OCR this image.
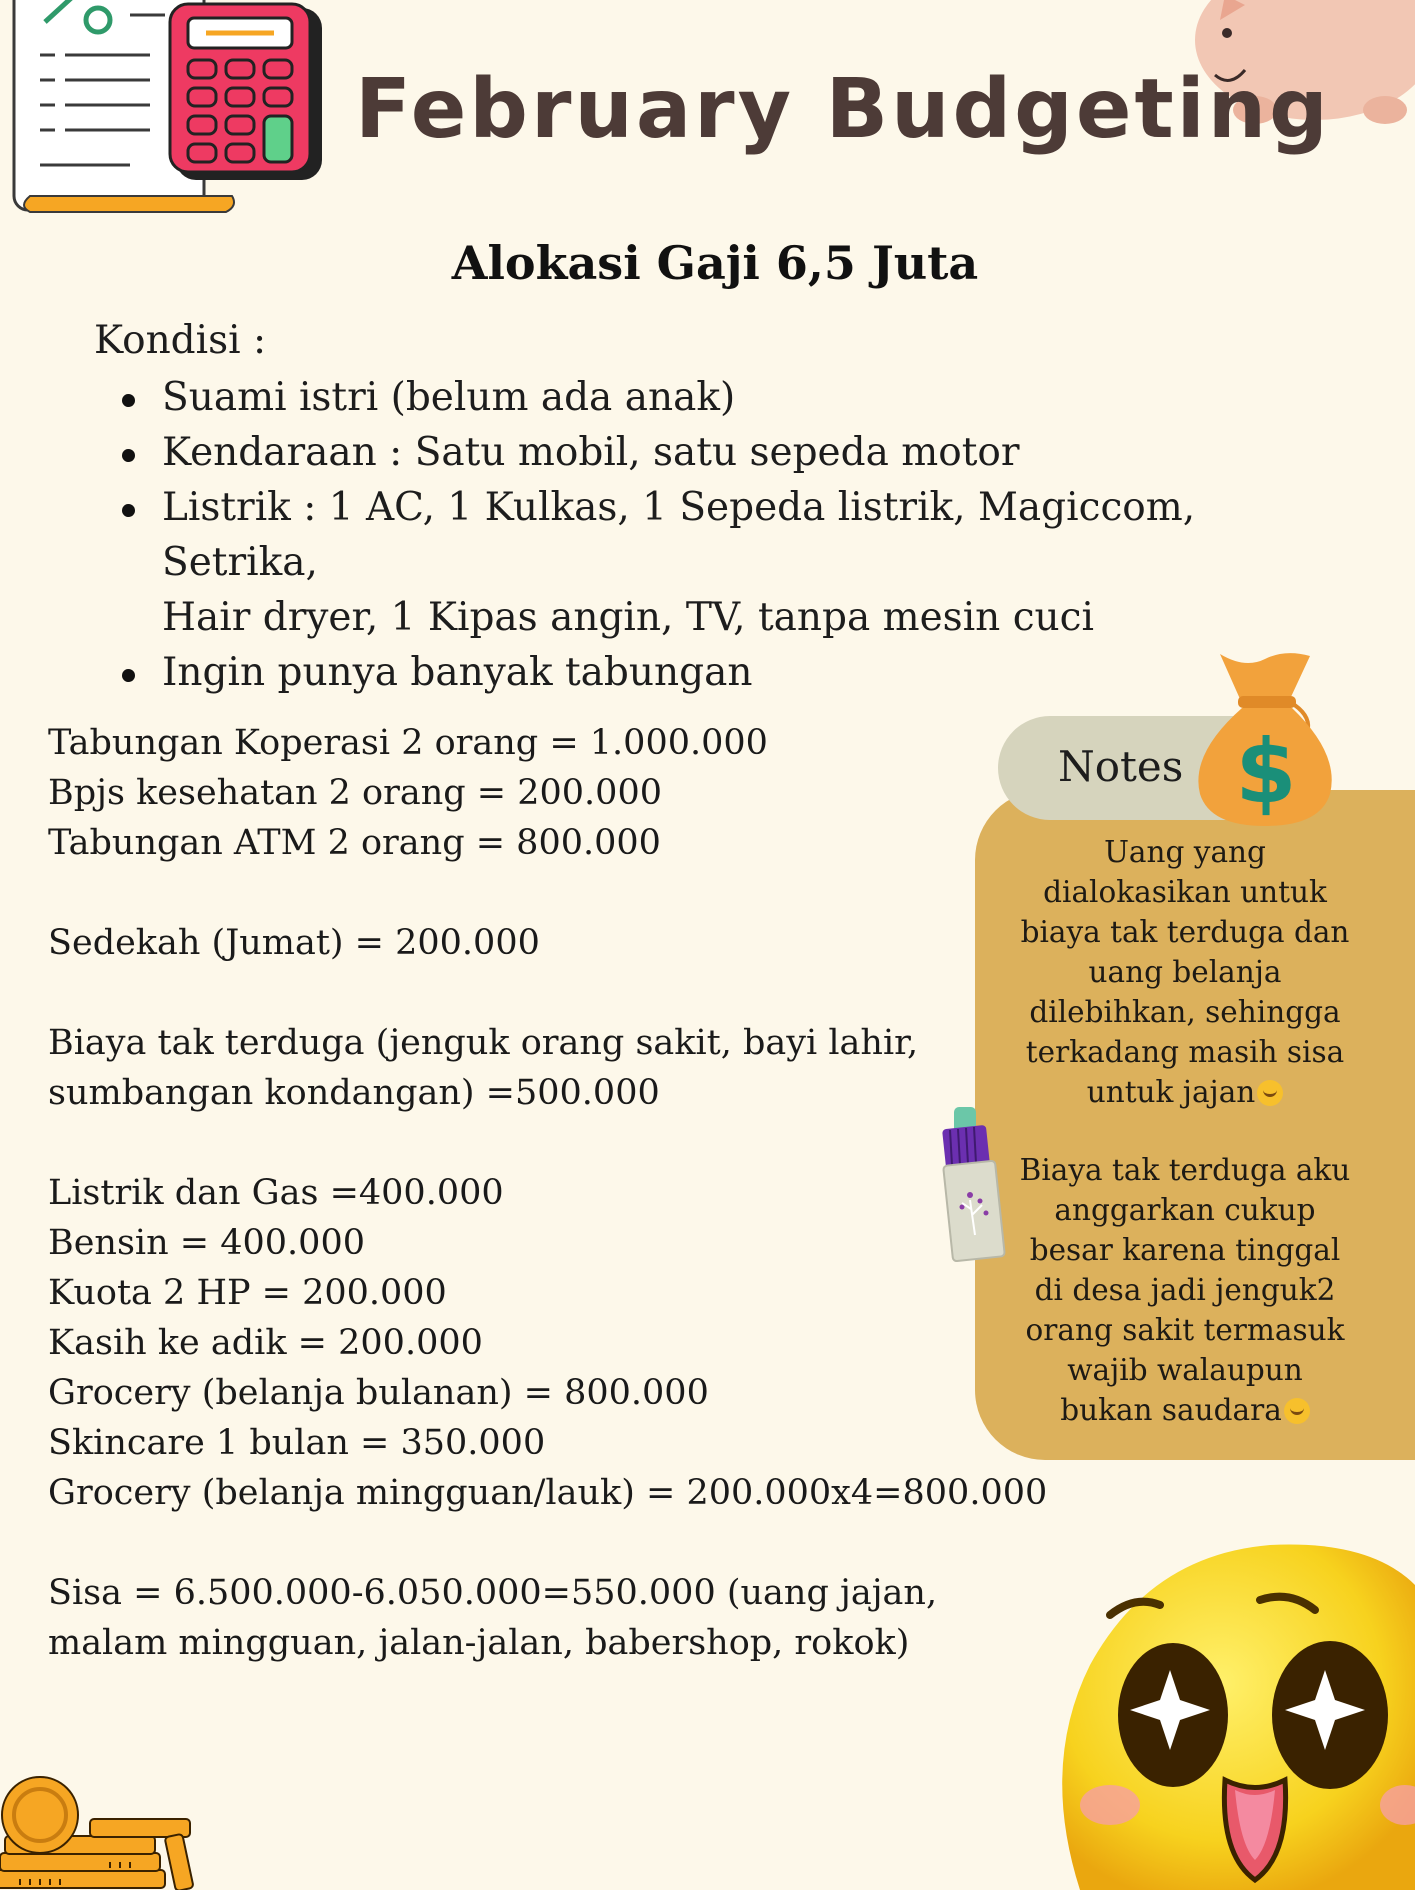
February Budgeting
Alokasi Gaji 6,5 Juta
Kondisi :
Suami istri (belum ada anak)
Kendaraan : Satu mobil, satu sepeda motor
Listrik : 1 AC, 1 Kulkas, 1 Sepeda listrik, Magiccom, Setrika,
Hair dryer, 1 Kipas angin, TV, tanpa mesin cuci
Ingin punya banyak tabungan
Tabungan Koperasi 2 orang = 1.000.000
Bpjs kesehatan 2 orang = 200.000
Tabungan ATM 2 orang = 800.000
Sedekah (Jumat) = 200.000
Biaya tak terduga (jenguk orang sakit, bayi lahir,
sumbangan kondangan) =500.000
Listrik dan Gas =400.000
Bensin = 400.000
Kuota 2 HP = 200.000
Kasih ke adik = 200.000
Grocery (belanja bulanan) = 800.000
Skincare 1 bulan = 350.000
Grocery (belanja mingguan/lauk) = 200.000x4=800.000
Sisa = 6.500.000-6.050.000=550.000 (uang jajan,
malam mingguan, jalan-jalan, babershop, rokok)
Notes $
Uang yang
dialokasikan untuk
biaya tak terduga dan
uang belanja
dilebihkan, sehingga
terkadang masih sisa
untuk jajan
Biaya tak terduga aku
anggarkan cukup
besar karena tinggal
di desa jadi jenguk2
orang sakit termasuk
wajib walaupun
bukan saudara
